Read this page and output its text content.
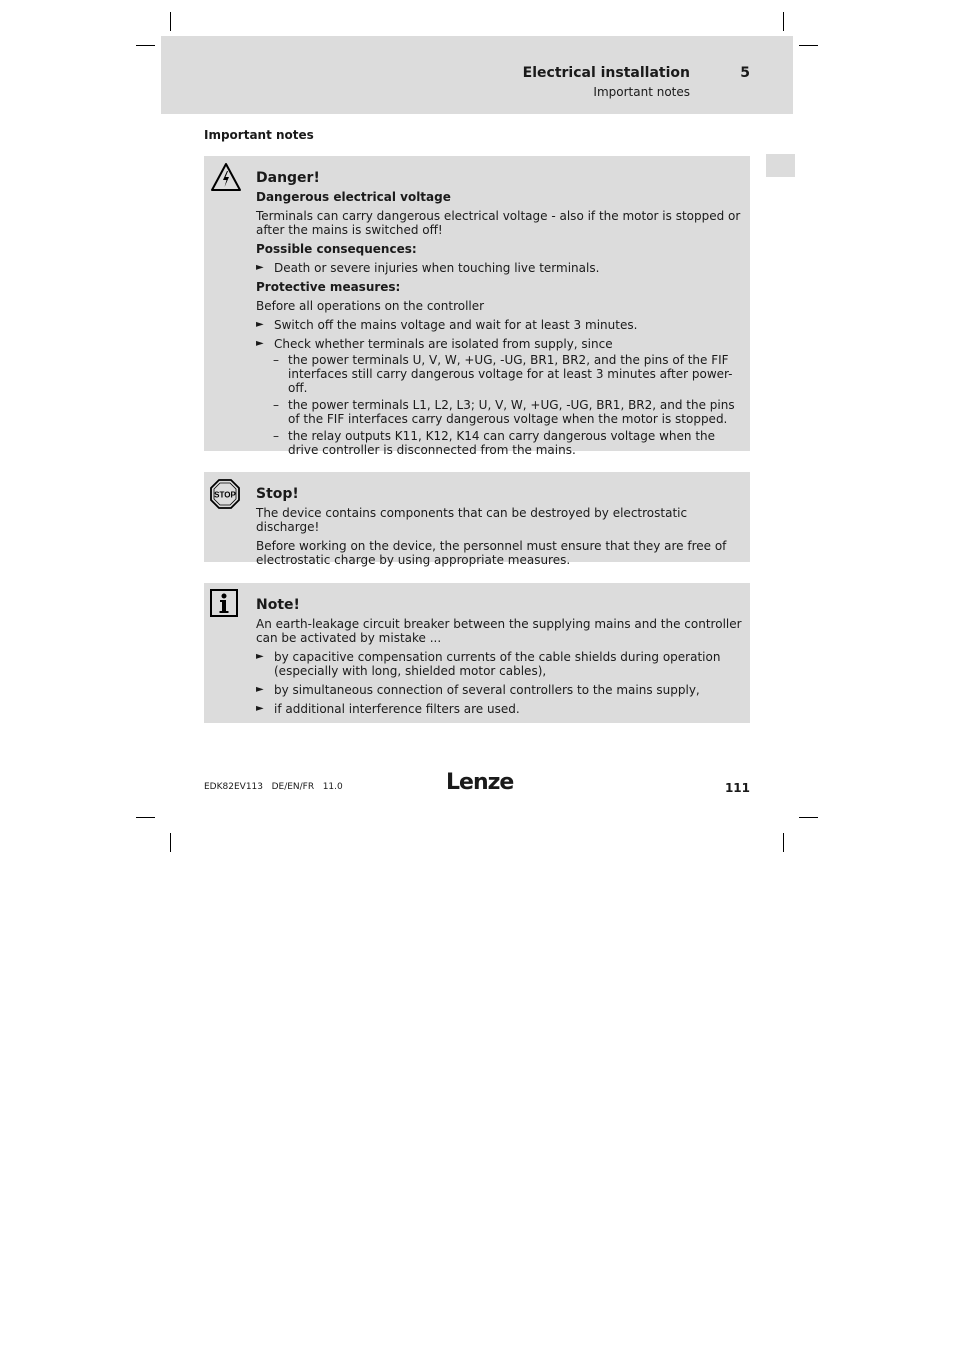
Electrical installation	5
Important notes
Important notes
Danger!

Dangerous electrical voltage

Terminals can carry dangerous electrical voltage - also if the motor is stopped or after the mains is switched off!

Possible consequences:

► Death or severe injuries when touching live terminals.

Protective measures:

Before all operations on the controller

► Switch off the mains voltage and wait for at least 3 minutes.
► Check whether terminals are isolated from supply, since
– the power terminals U, V, W, +UG, -UG, BR1, BR2, and the pins of the FIF interfaces still carry dangerous voltage for at least 3 minutes after power-off.
– the power terminals L1, L2, L3; U, V, W, +UG, -UG, BR1, BR2, and the pins of the FIF interfaces carry dangerous voltage when the motor is stopped.
– the relay outputs K11, K12, K14 can carry dangerous voltage when the drive controller is disconnected from the mains.
STOP Stop!

The device contains components that can be destroyed by electrostatic discharge!

Before working on the device, the personnel must ensure that they are free of electrostatic charge by using appropriate measures.

Note!

An earth-leakage circuit breaker between the supplying mains and the controller can be activated by mistake ...

► by capacitive compensation currents of the cable shields during operation (especially with long, shielded motor cables),
► by simultaneous connection of several controllers to the mains supply,
► if additional interference filters are used.
EDK82EV113   DE/EN/FR   11.0	Lenze	111
